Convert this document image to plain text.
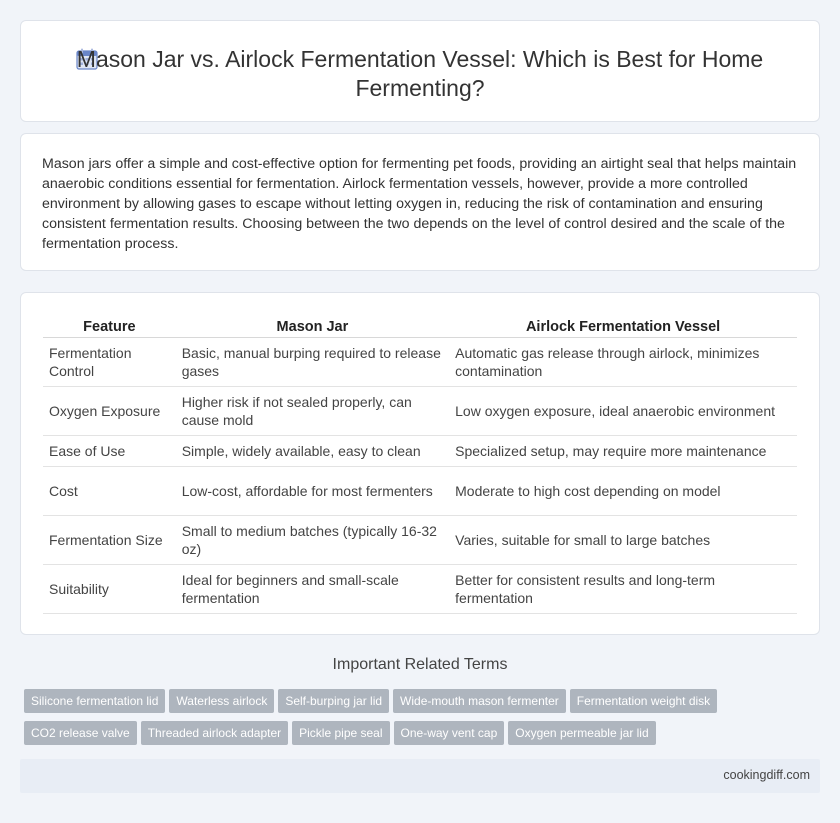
Mason Jar vs. Airlock Fermentation Vessel: Which is Best for Home Fermenting?

Mason jars offer a simple and cost-effective option for fermenting pet foods, providing an airtight seal that helps maintain anaerobic conditions essential for fermentation. Airlock fermentation vessels, however, provide a more controlled environment by allowing gases to escape without letting oxygen in, reducing the risk of contamination and ensuring consistent fermentation results. Choosing between the two depends on the level of control desired and the scale of the fermentation process.

Feature	Mason Jar	Airlock Fermentation Vessel
Fermentation Control	Basic, manual burping required to release gases	Automatic gas release through airlock, minimizes contamination
Oxygen Exposure	Higher risk if not sealed properly, can cause mold	Low oxygen exposure, ideal anaerobic environment
Ease of Use	Simple, widely available, easy to clean	Specialized setup, may require more maintenance
Cost	Low-cost, affordable for most fermenters	Moderate to high cost depending on model
Fermentation Size	Small to medium batches (typically 16-32 oz)	Varies, suitable for small to large batches
Suitability	Ideal for beginners and small-scale fermentation	Better for consistent results and long-term fermentation
Important Related Terms
Silicone fermentation lid Waterless airlock Self-burping jar lid Wide-mouth mason fermenter Fermentation weight disk
CO2 release valve Threaded airlock adapter Pickle pipe seal One-way vent cap Oxygen permeable jar lid
cookingdiff.com
